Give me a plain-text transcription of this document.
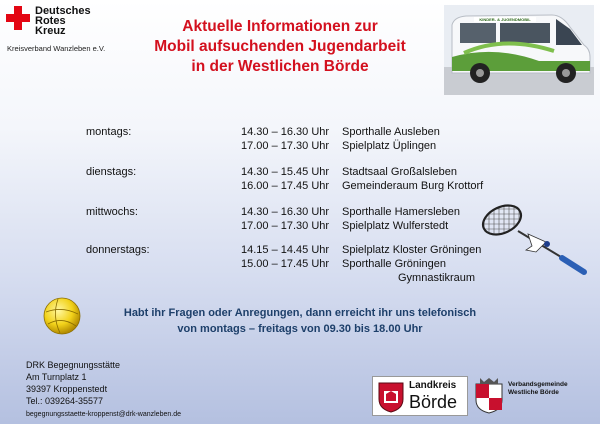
Deutsches
Rotes
Kreuz
Kreisverband Wanzleben e.V.
Aktuelle Informationen zur
Mobil aufsuchenden Jugendarbeit
in der Westlichen Börde
KINDER- & JUGENDMOBIL
montags:	14.30 – 16.30 Uhr Sporthalle Ausleben
17.00 – 17.30 Uhr Spielplatz Üplingen
dienstags:	14.30 – 15.45 Uhr Stadtsaal Großalsleben
16.00 – 17.45 Uhr Gemeinderaum Burg Krottorf
mittwochs:	14.30 – 16.30 Uhr Sporthalle Hamersleben
17.00 – 17.30 Uhr Spielplatz Wulferstedt
donnerstags:	14.15 – 14.45 Uhr Spielplatz Kloster Gröningen
15.00 – 17.45 Uhr Sporthalle Gröningen
Gymnastikraum
Habt ihr Fragen oder Anregungen, dann erreicht ihr uns telefonisch
von montags – freitags von 09.30 bis 18.00 Uhr
DRK Begegnungsstätte
Am Turnplatz 1
39397 Kroppenstedt
Tel.: 039264-35577
begegnungsstaette-kroppenst@drk-wanzleben.de
Landkreis
Börde
Verbandsgemeinde
Westliche Börde
